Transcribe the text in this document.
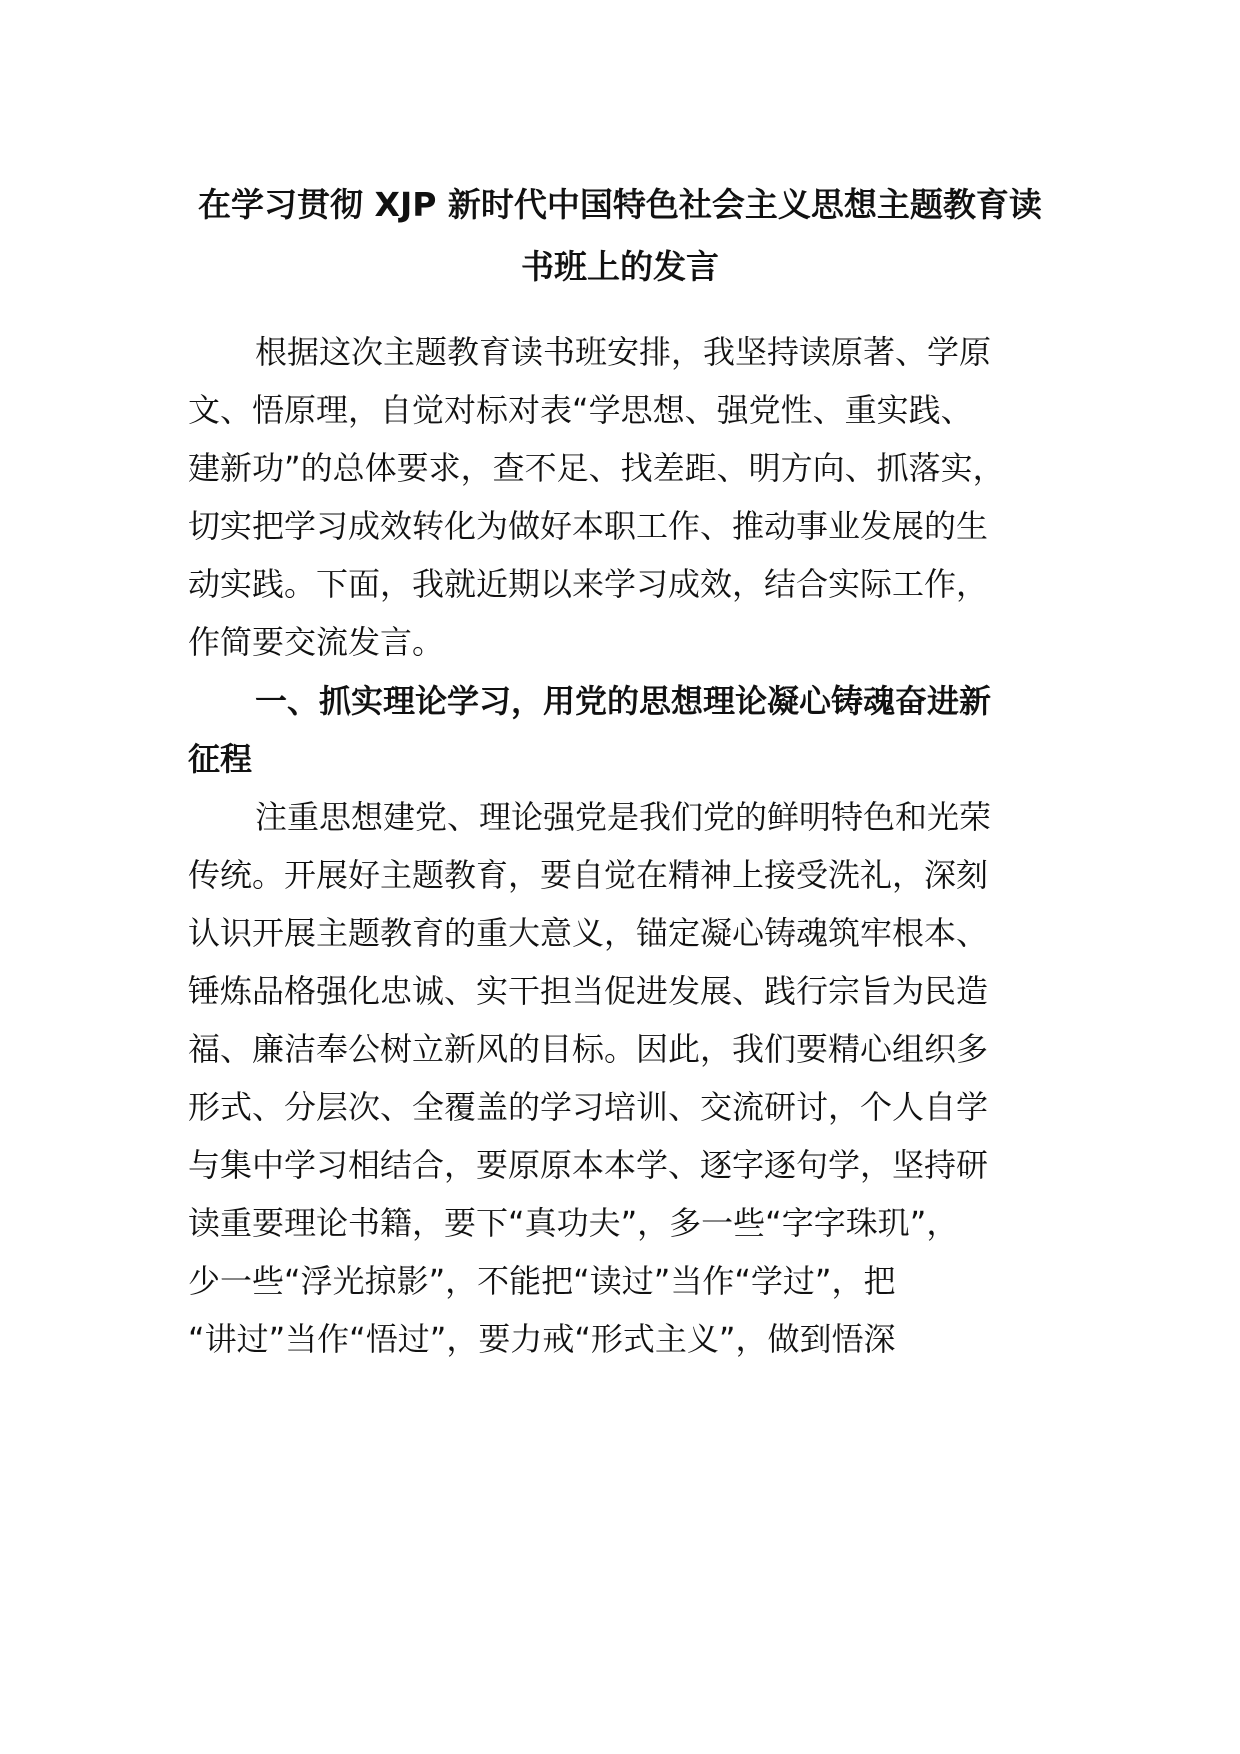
在学习贯彻 XJP 新时代中国特色社会主义思想主题教育读
书班上的发言
根据这次主题教育读书班安排，我坚持读原著、学原
文、悟原理，自觉对标对表“学思想、强党性、重实践、
建新功”的总体要求，查不足、找差距、明方向、抓落实，
切实把学习成效转化为做好本职工作、推动事业发展的生
动实践。下面，我就近期以来学习成效，结合实际工作，
作简要交流发言。
一、抓实理论学习，用党的思想理论凝心铸魂奋进新
征程
注重思想建党、理论强党是我们党的鲜明特色和光荣
传统。开展好主题教育，要自觉在精神上接受洗礼，深刻
认识开展主题教育的重大意义，锚定凝心铸魂筑牢根本、
锤炼品格强化忠诚、实干担当促进发展、践行宗旨为民造
福、廉洁奉公树立新风的目标。因此，我们要精心组织多
形式、分层次、全覆盖的学习培训、交流研讨，个人自学
与集中学习相结合，要原原本本学、逐字逐句学，坚持研
读重要理论书籍，要下“真功夫”，多一些“字字珠玑”，
少一些“浮光掠影”，不能把“读过”当作“学过”，把
“讲过”当作“悟过”，要力戒“形式主义”，做到悟深
